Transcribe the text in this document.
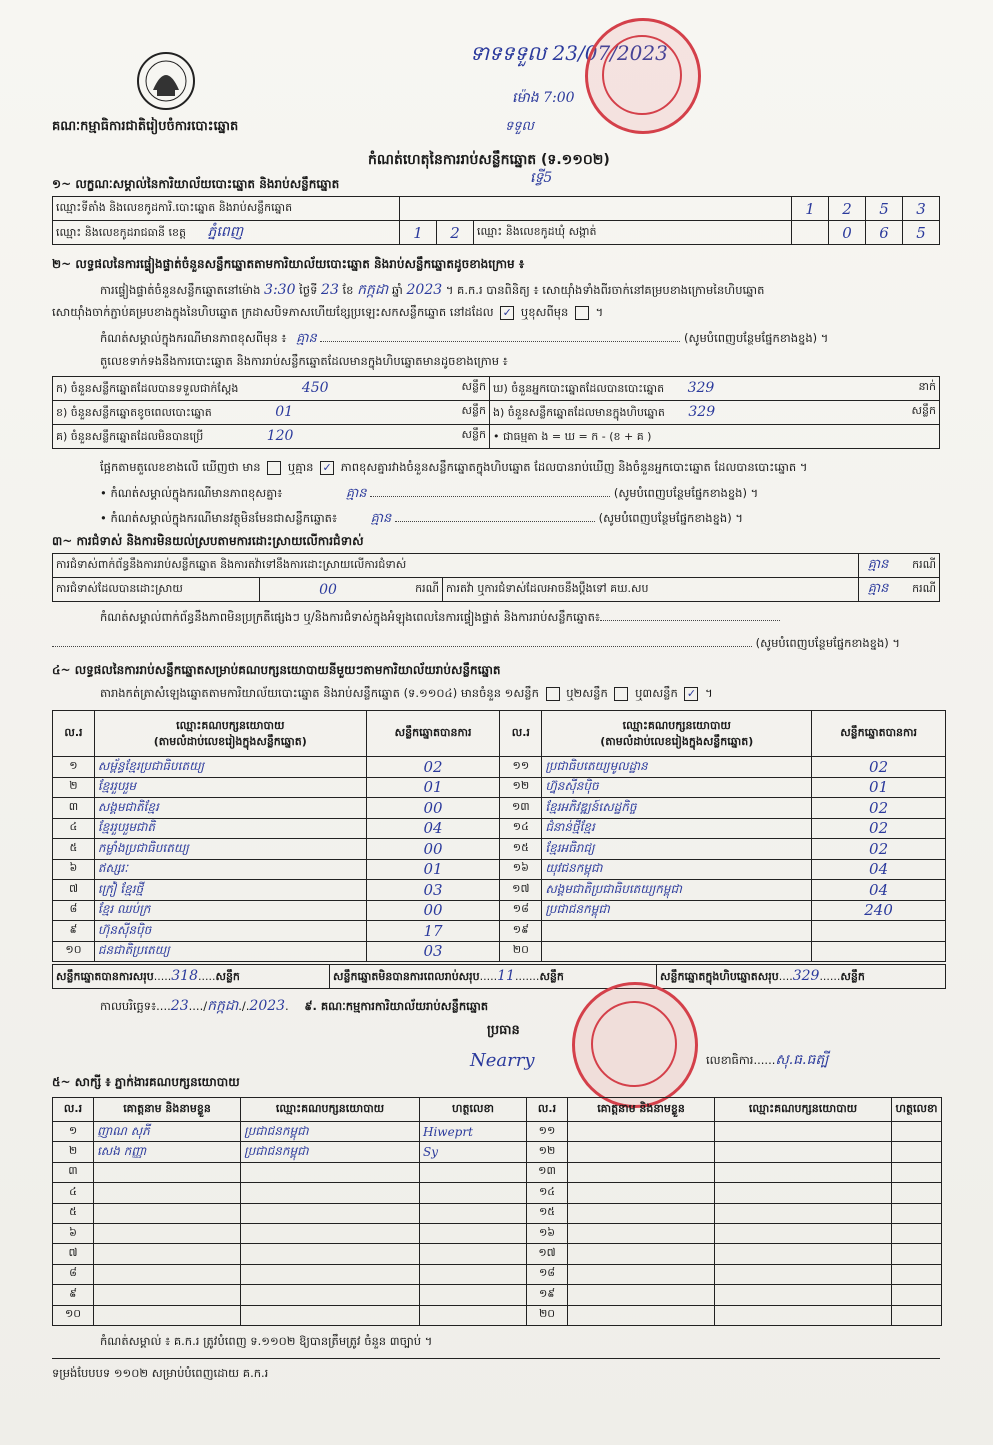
គណៈកម្មាធិការជាតិរៀបចំការបោះឆ្នោត
ទាទទទួល 23/07/2023
ម៉ោង 7:00
ទទួល
កំណត់ហេតុនៃការរាប់សន្លឹកឆ្នោត (ទ.១១០២)
ទ្វើ5
១~ លក្ខណៈសម្គាល់នៃការិយាល័យបោះឆ្នោត និងរាប់សន្លឹកឆ្នោត
ឈ្មោះទីតាំង និងលេខកូដការិ.បោះឆ្នោត និងរាប់សន្លឹកឆ្នោត				1	2	5	3
ឈ្មោះ និងលេខកូដរាជធានី ខេត្ត ភ្នំពេញ	1	2	ឈ្មោះ និងលេខកូដឃុំ សង្កាត់		0	6	5
២~ លទ្ធផលនៃការផ្ទៀងផ្ទាត់ចំនួនសន្លឹកឆ្នោតតាមការិយាល័យបោះឆ្នោត និងរាប់សន្លឹកឆ្នោតដូចខាងក្រោម ៖
ការផ្ទៀងផ្ទាត់ចំនួនសន្លឹកឆ្នោតនៅម៉ោង 3:30 ថ្ងៃទី 23 ខែ កក្កដា ឆ្នាំ 2023 ។ គ.ក.រ បានពិនិត្យ ៖ សោយ៉ាំងទាំងពីរចាក់នៅគម្របខាងក្រោមនៃហិបឆ្នោត
សោយ៉ាំងចាក់ភ្ជាប់គម្របខាងក្នុងនៃហិបឆ្នោត ក្រដាសបិទភាសហើយខ្សែប្រឡេះសកសន្លឹកឆ្នោត នៅដដែល ✓ ឬខុសពីមុន ។
កំណត់សម្គាល់ក្នុងករណីមានភាពខុសពីមុន ៖ គ្មាន	(សូមបំពេញបន្ថែមផ្នែកខាងខ្នង) ។
តួលេខទាក់ទងនឹងការបោះឆ្នោត និងការរាប់សន្លឹកឆ្នោតដែលមានក្នុងហិបឆ្នោតមានដូចខាងក្រោម ៖
ក) ចំនួនសន្លឹកឆ្នោតដែលបានទទួលជាក់ស្តែង 450 សន្លឹក	ឃ) ចំនួនអ្នកបោះឆ្នោតដែលបានបោះឆ្នោត 329 នាក់

ខ) ចំនួនសន្លឹកឆ្នោតខូចពេលបោះឆ្នោត 01 សន្លឹក	ង) ចំនួនសន្លឹកឆ្នោតដែលមានក្នុងហិបឆ្នោត 329 សន្លឹក

គ) ចំនួនសន្លឹកឆ្នោតដែលមិនបានប្រើ 120 សន្លឹក	• ជាធម្មតា ង = ឃ = ក - (ខ + គ )
ផ្អែកតាមតួលេខខាងលើ ឃើញថា មាន ឬគ្មាន ✓ ភាពខុសគ្នារវាងចំនួនសន្លឹកឆ្នោតក្នុងហិបឆ្នោត ដែលបានរាប់ឃើញ និងចំនួនអ្នកបោះឆ្នោត ដែលបានបោះឆ្នោត ។
• កំណត់សម្គាល់ក្នុងករណីមានភាពខុសគ្នា៖	គ្មាន	(សូមបំពេញបន្ថែមផ្នែកខាងខ្នង) ។
• កំណត់សម្គាល់ក្នុងករណីមានវត្ថុមិនមែនជាសន្លឹកឆ្នោត៖	គ្មាន	(សូមបំពេញបន្ថែមផ្នែកខាងខ្នង) ។
៣~ ការជំទាស់ និងការមិនយល់ស្របតាមការដោះស្រាយលើការជំទាស់
ការជំទាស់ពាក់ព័ន្ធនឹងការរាប់សន្លឹកឆ្នោត និងការតវ៉ាទៅនឹងការដោះស្រាយលើការជំទាស់				គ្មាន	ករណី
ការជំទាស់ដែលបានដោះស្រាយ	00	ករណី	ការតវ៉ា ឬការជំទាស់ដែលអាចនឹងប្តឹងទៅ គឃ.សប	គ្មាន	ករណី
កំណត់សម្គាល់ពាក់ព័ន្ធនឹងភាពមិនប្រក្រតីផ្សេងៗ ឬ/និងការជំទាស់ក្នុងអំឡុងពេលនៃការផ្ទៀងផ្ទាត់ និងការរាប់សន្លឹកឆ្នោត៖
(សូមបំពេញបន្ថែមផ្នែកខាងខ្នង) ។
៤~ លទ្ធផលនៃការរាប់សន្លឹកឆ្នោតសម្រាប់គណបក្សនយោបាយនីមួយៗតាមការិយាល័យរាប់សន្លឹកឆ្នោត
តារាងកត់ត្រាសំឡេងឆ្នោតតាមការិយាល័យបោះឆ្នោត និងរាប់សន្លឹកឆ្នោត (ទ.១១០៤) មានចំនួន ១សន្លឹក ឬ២សន្លឹក ឬ៣សន្លឹក ✓ ។
ល.រ	ឈ្មោះគណបក្សនយោបាយ
(តាមលំដាប់លេខរៀងក្នុងសន្លឹកឆ្នោត)	សន្លឹកឆ្នោតបានការ	ល.រ	ឈ្មោះគណបក្សនយោបាយ
(តាមលំដាប់លេខរៀងក្នុងសន្លឹកឆ្នោត)	សន្លឹកឆ្នោតបានការ
១	សម្ព័ន្ធខ្មែរប្រជាធិបតេយ្យ	02	១១	ប្រជាធិបតេយ្យមូលដ្ឋាន	02
២	ខ្មែររួបរួម	01	១២	ហ្វ៊ុនស៊ីនប៉ិច	01
៣	សង្គមជាតិខ្មែរ	00	១៣	ខ្មែរអភិវឌ្ឍន៍សេដ្ឋកិច្ច	02
៤	ខ្មែររួបរួមជាតិ	04	១៤	ជំនាន់ថ្មីខ្មែរ	02
៥	កម្លាំងប្រជាធិបតេយ្យ	00	១៥	ខ្មែរអធិរាជ្យ	02
៦	ឥស្សរៈ	01	១៦	យុវជនកម្ពុជា	04
៧	ក្រៀំ ខ្មែរថ្មី	03	១៧	សង្គមជាតិប្រជាធិបតេយ្យកម្ពុជា	04
៨	ខ្មែរ ឈប់ក្រ	00	១៨	ប្រជាជនកម្ពុជា	240
៩	ហ៊ុនស៊ីនប៉ិច	17	១៩		
១០	ជនជាតិប្រតេយ្យ	03	២០		
សន្លឹកឆ្នោតបានការសរុប.....318.....សន្លឹក	សន្លឹកឆ្នោតមិនបានការពេលរាប់សរុប.....11.......សន្លឹក	សន្លឹកឆ្នោតក្នុងហិបឆ្នោតសរុប....329......សន្លឹក
កាលបរិច្ឆេទ៖....23..../កក្កដា./.2023. ៩. គណៈកម្មការការិយាល័យរាប់សន្លឹកឆ្នោត
ប្រធាន
Nearry	លេខាធិការ......សុ.ធ.ធត្បី
៥~ សាក្សី ៖ ភ្នាក់ងារគណបក្សនយោបាយ
ល.រ	គោត្តនាម និងនាមខ្លួន	ឈ្មោះគណបក្សនយោបាយ	ហត្ថលេខា	ល.រ	គោត្តនាម និងនាមខ្លួន	ឈ្មោះគណបក្សនយោបាយ	ហត្ថលេខា
១	ញាណ សុភី	ប្រជាជនកម្ពុជា	Hiweprt	១១			
២	សេង កញ្ញា	ប្រជាជនកម្ពុជា	Sy	១២			
៣				១៣			
៤				១៤			
៥				១៥			
៦				១៦			
៧				១៧			
៨				១៨			
៩				១៩			
១០				២០			
កំណត់សម្គាល់ ៖ គ.ក.រ ត្រូវបំពេញ ទ.១១០២ ឱ្យបានត្រឹមត្រូវ ចំនួន ៣ច្បាប់ ។
ទម្រង់បែបបទ ១១០២ សម្រាប់បំពេញដោយ គ.ក.រ
